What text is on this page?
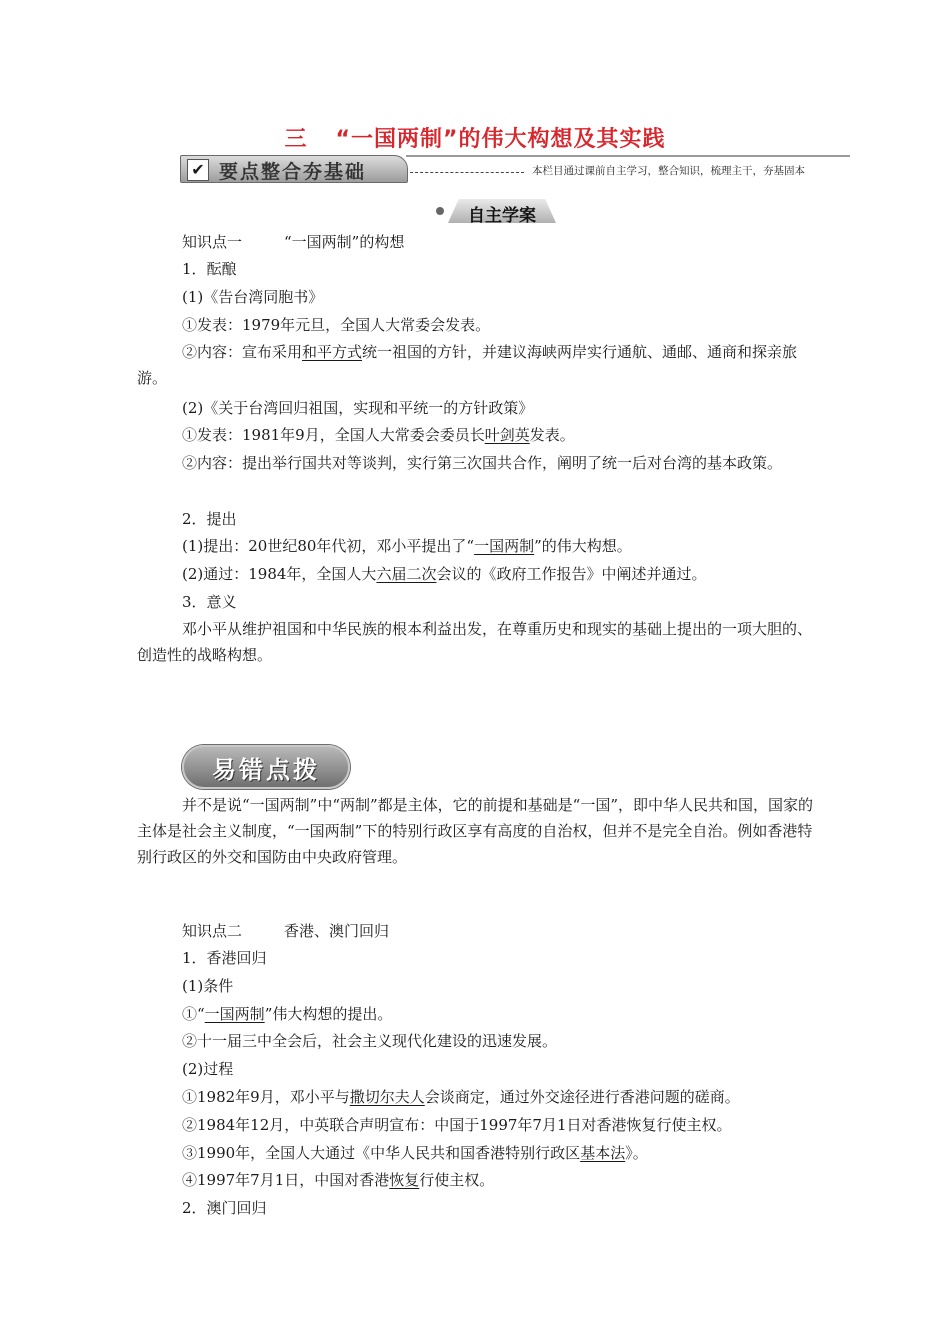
三 “一国两制”的伟大构想及其实践
✔ 要点整合夯基础	本栏目通过课前自主学习，整合知识，梳理主干，夯基固本
自主学案
知识点一	“一国两制”的构想
1．酝酿
(1)《告台湾同胞书》
①发表：1979年元旦，全国人大常委会发表。
②内容：宣布采用和平方式统一祖国的方针，并建议海峡两岸实行通航、通邮、通商和探亲旅游。
(2)《关于台湾回归祖国，实现和平统一的方针政策》
①发表：1981年9月，全国人大常委会委员长叶剑英发表。
②内容：提出举行国共对等谈判，实行第三次国共合作，阐明了统一后对台湾的基本政策。
2．提出
(1)提出：20世纪80年代初，邓小平提出了“一国两制”的伟大构想。
(2)通过：1984年，全国人大六届二次会议的《政府工作报告》中阐述并通过。
3．意义
邓小平从维护祖国和中华民族的根本利益出发，在尊重历史和现实的基础上提出的一项大胆的、创造性的战略构想。
易错点拨
并不是说“一国两制”中“两制”都是主体，它的前提和基础是“一国”，即中华人民共和国，国家的主体是社会主义制度，“一国两制”下的特别行政区享有高度的自治权，但并不是完全自治。例如香港特别行政区的外交和国防由中央政府管理。
知识点二	香港、澳门回归
1．香港回归
(1)条件
①“一国两制”伟大构想的提出。
②十一届三中全会后，社会主义现代化建设的迅速发展。
(2)过程
①1982年9月，邓小平与撒切尔夫人会谈商定，通过外交途径进行香港问题的磋商。
②1984年12月，中英联合声明宣布：中国于1997年7月1日对香港恢复行使主权。
③1990年，全国人大通过《中华人民共和国香港特别行政区基本法》。
④1997年7月1日，中国对香港恢复行使主权。
2．澳门回归
